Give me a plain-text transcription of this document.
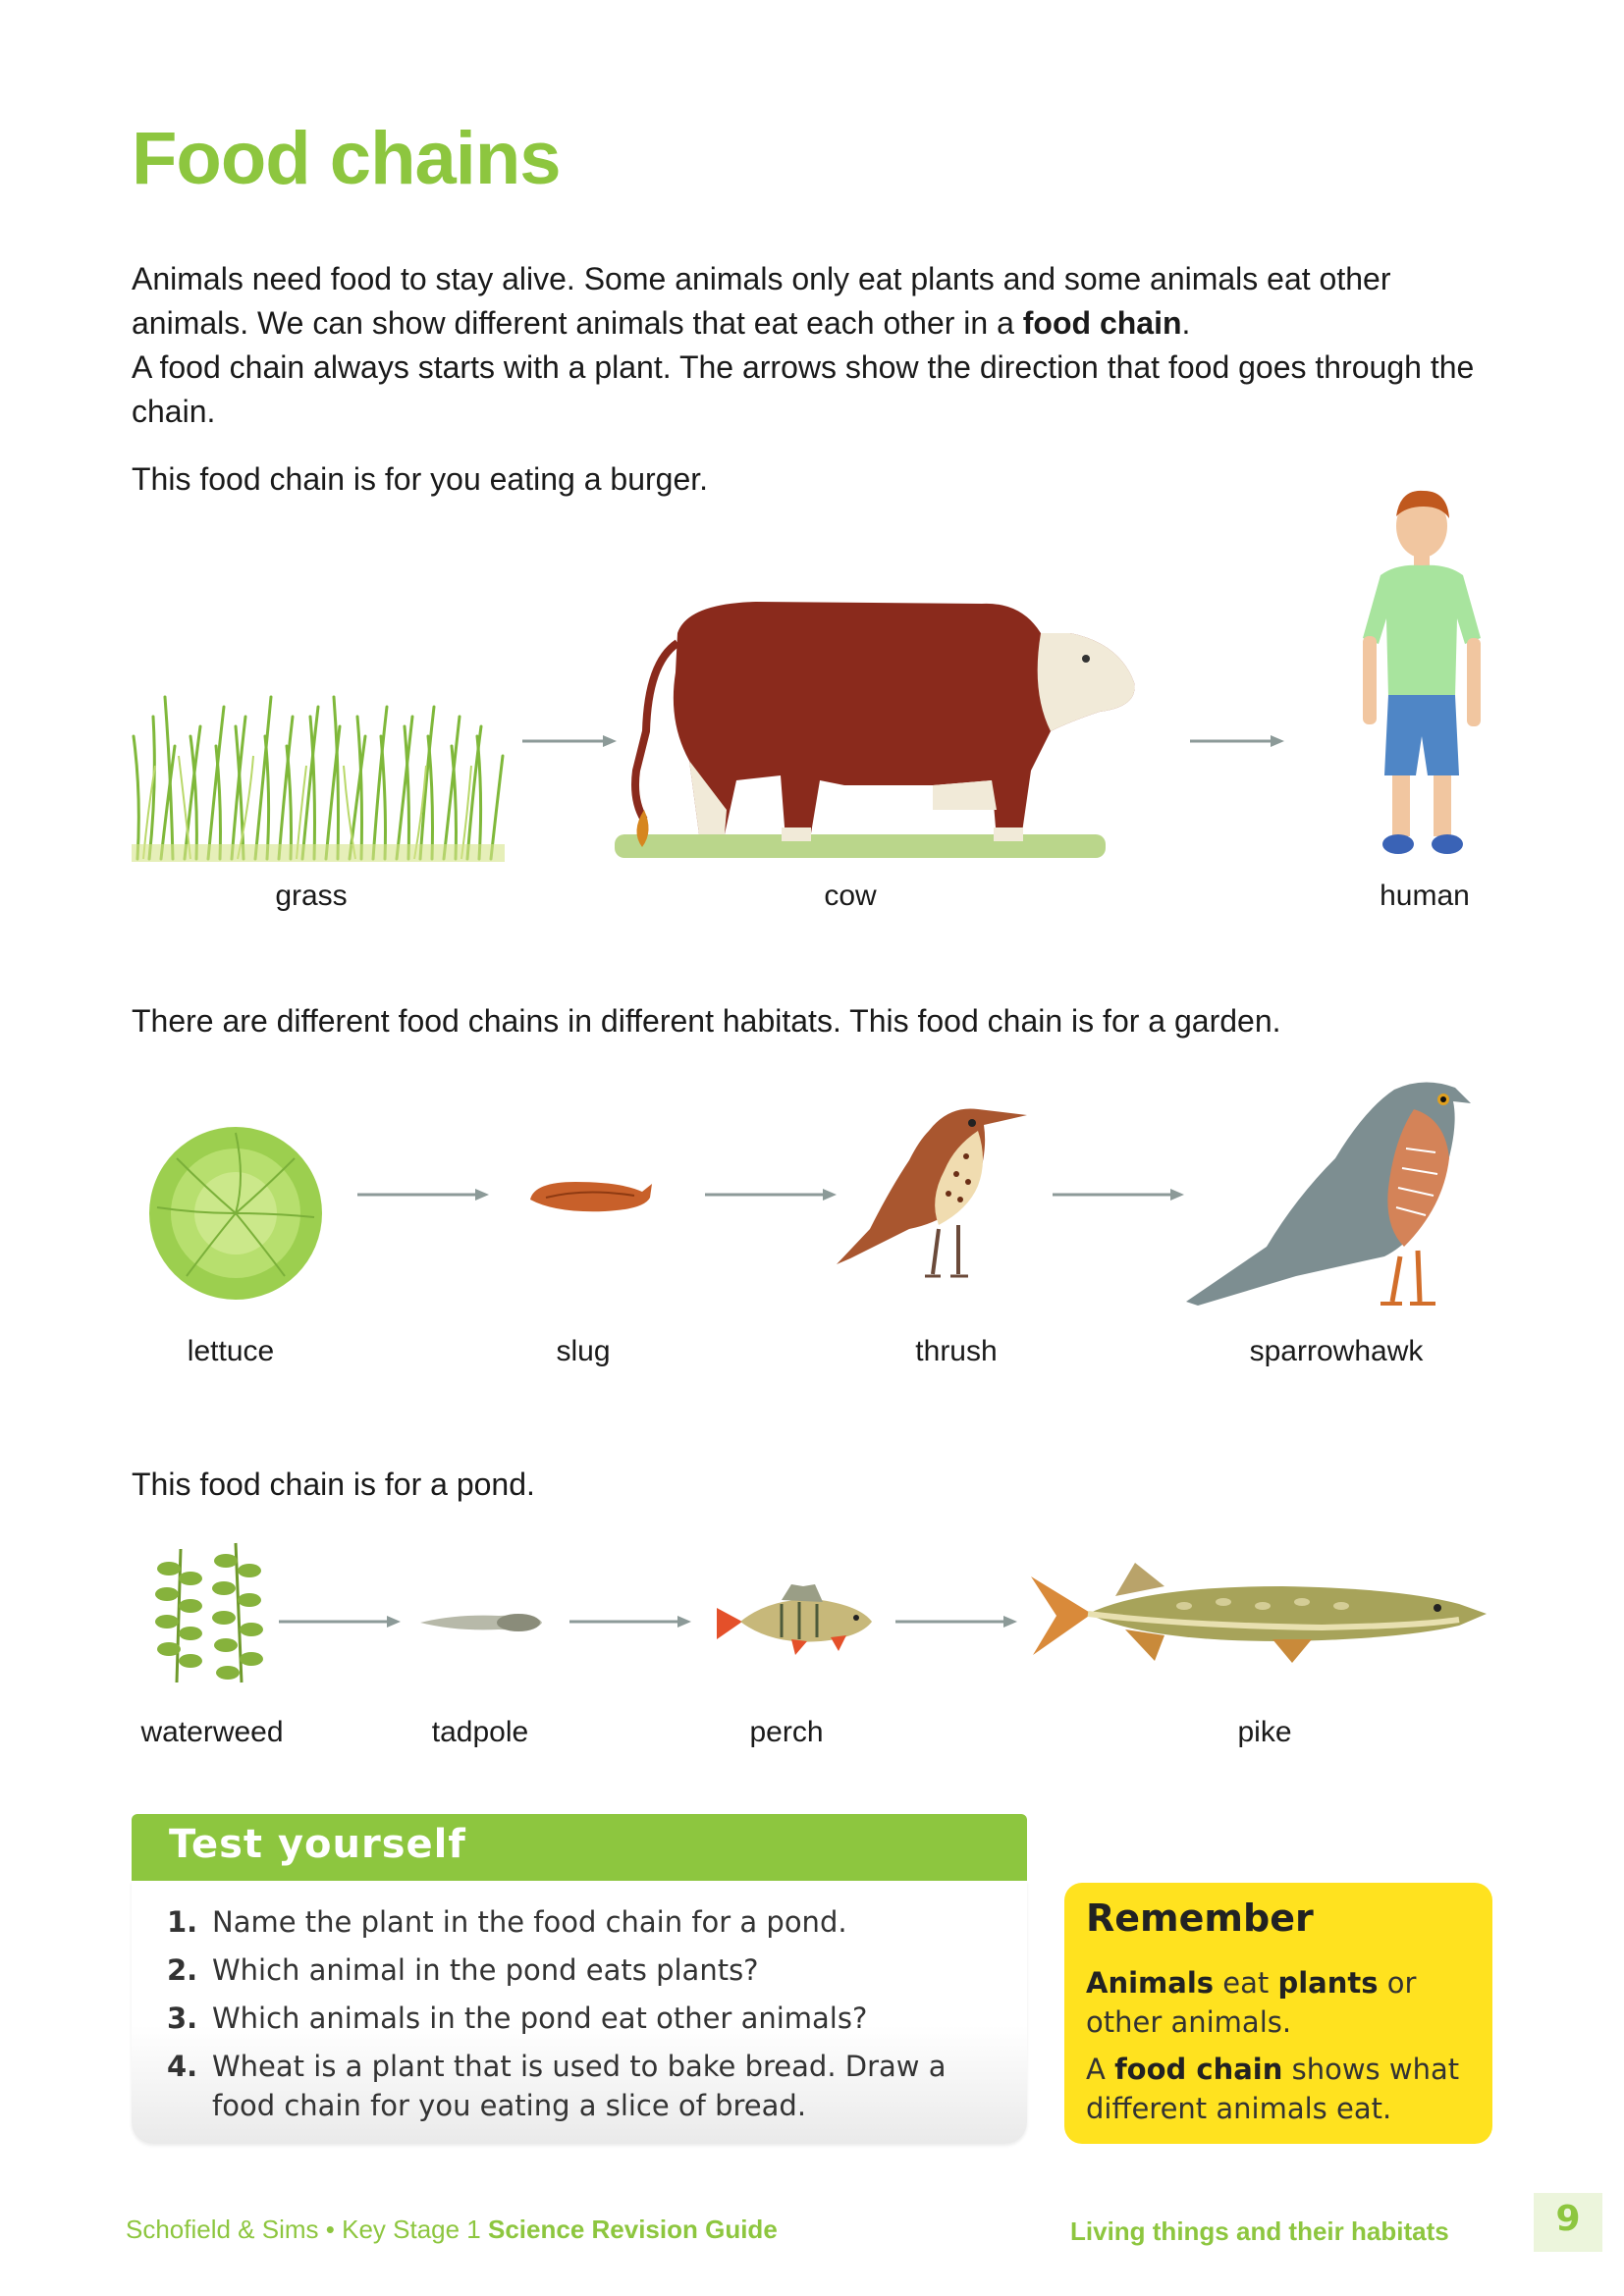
Food chains

Animals need food to stay alive. Some animals only eat plants and some animals eat other animals. We can show different animals that eat each other in a food chain.

A food chain always starts with a plant. The arrows show the direction that food goes through the chain.

This food chain is for you eating a burger.
grass	cow	human
There are different food chains in different habitats. This food chain is for a garden.
lettuce	slug	thrush	sparrowhawk
This food chain is for a pond.
waterweed	tadpole	perch	pike
Test yourself
1. Name the plant in the food chain for a pond.
2. Which animal in the pond eats plants?
3. Which animals in the pond eat other animals?
4. Wheat is a plant that is used to bake bread. Draw a food chain for you eating a slice of bread.
Remember

Animals eat plants or other animals.

A food chain shows what different animals eat.

Schofield & Sims • Key Stage 1 Science Revision Guide	Living things and their habitats	9
